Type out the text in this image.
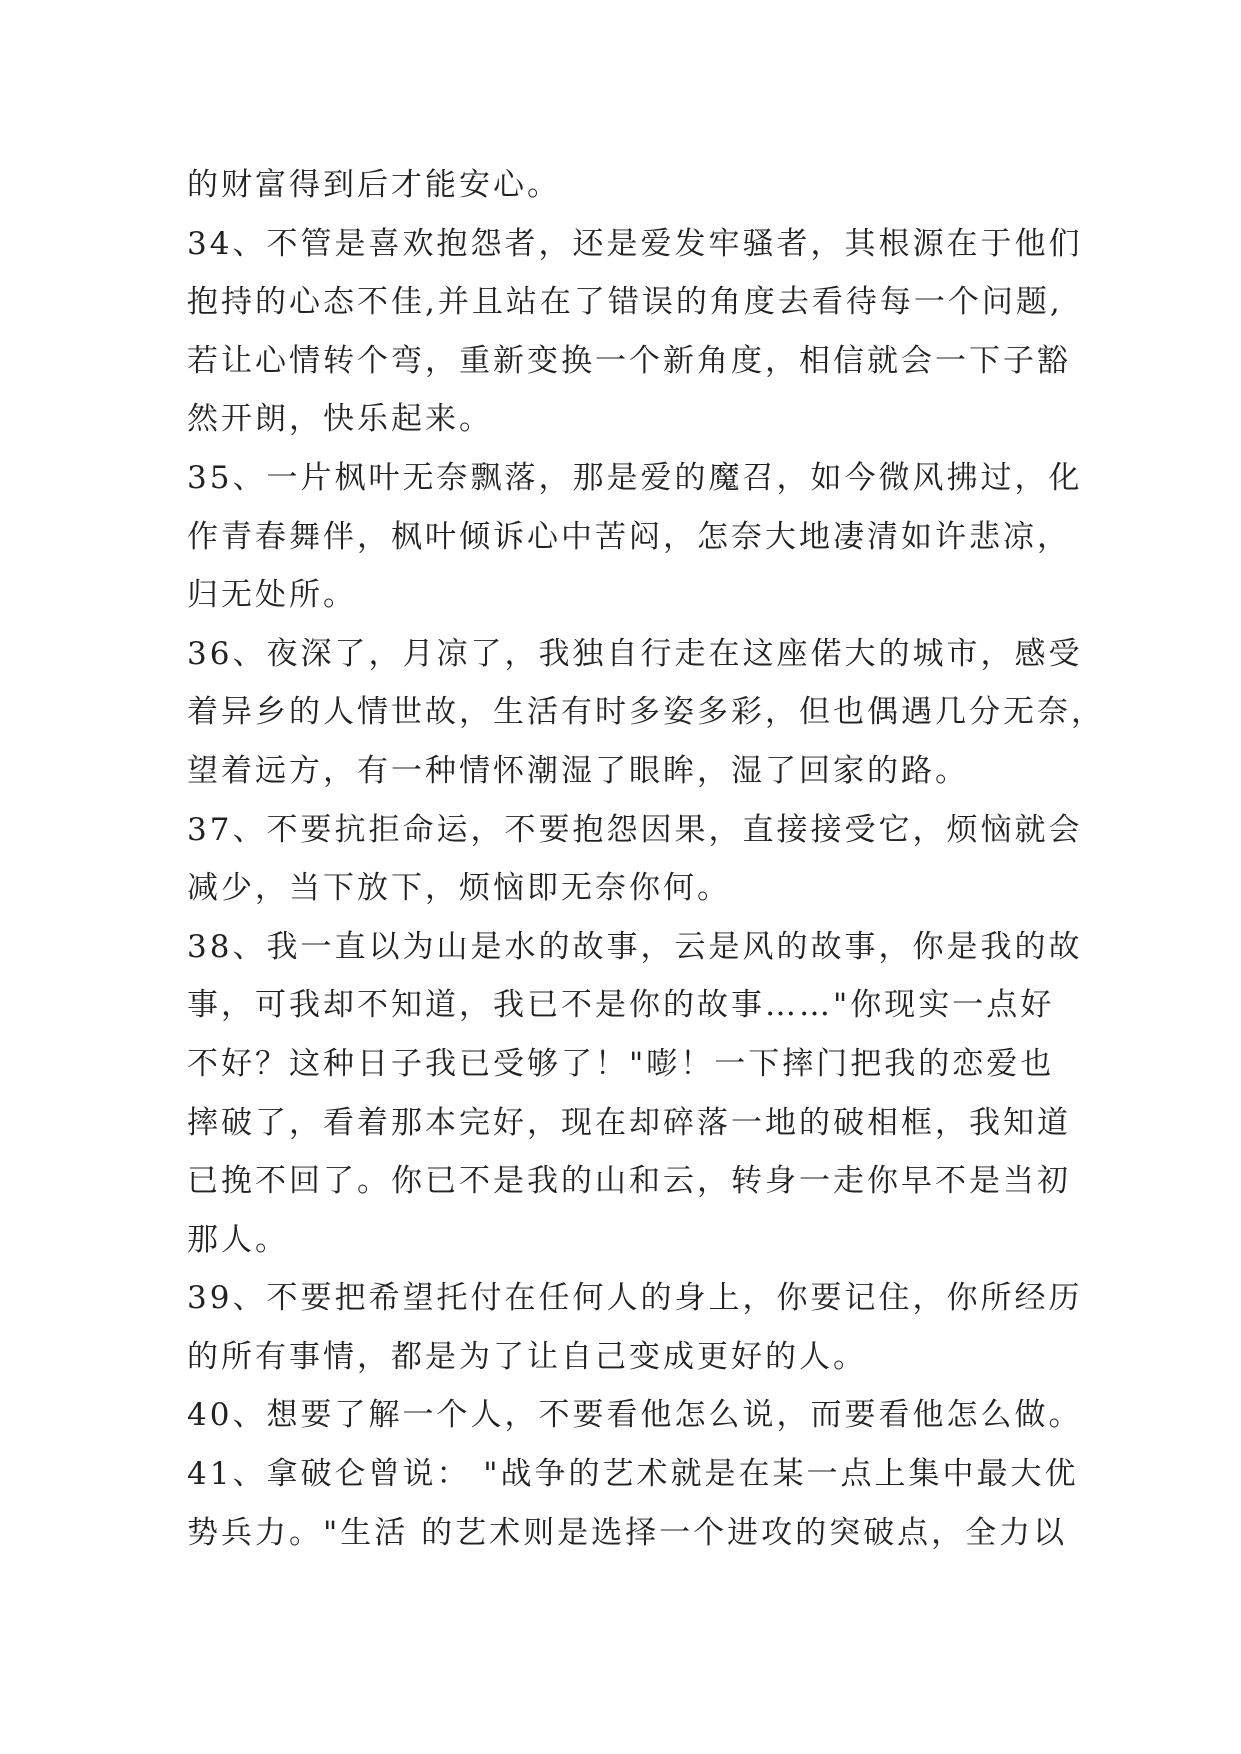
的财富得到后才能安心。
34、不管是喜欢抱怨者，还是爱发牢骚者，其根源在于他们
抱持的心态不佳,并且站在了错误的角度去看待每一个问题,
若让心情转个弯，重新变换一个新角度，相信就会一下子豁
然开朗，快乐起来。
35、一片枫叶无奈飘落，那是爱的魔召，如今微风拂过，化
作青春舞伴，枫叶倾诉心中苦闷，怎奈大地凄清如许悲凉，
归无处所。
36、夜深了，月凉了，我独自行走在这座偌大的城市，感受
着异乡的人情世故，生活有时多姿多彩，但也偶遇几分无奈，
望着远方，有一种情怀潮湿了眼眸，湿了回家的路。
37、不要抗拒命运，不要抱怨因果，直接接受它，烦恼就会
减少，当下放下，烦恼即无奈你何。
38、我一直以为山是水的故事，云是风的故事，你是我的故
事，可我却不知道，我已不是你的故事……"你现实一点好
不好？这种日子我已受够了！"嘭！一下摔门把我的恋爱也
摔破了，看着那本完好，现在却碎落一地的破相框，我知道
已挽不回了。你已不是我的山和云，转身一走你早不是当初
那人。
39、不要把希望托付在任何人的身上，你要记住，你所经历
的所有事情，都是为了让自己变成更好的人。
40、想要了解一个人，不要看他怎么说，而要看他怎么做。
41、拿破仑曾说： "战争的艺术就是在某一点上集中最大优
势兵力。"生活 的艺术则是选择一个进攻的突破点，全力以
